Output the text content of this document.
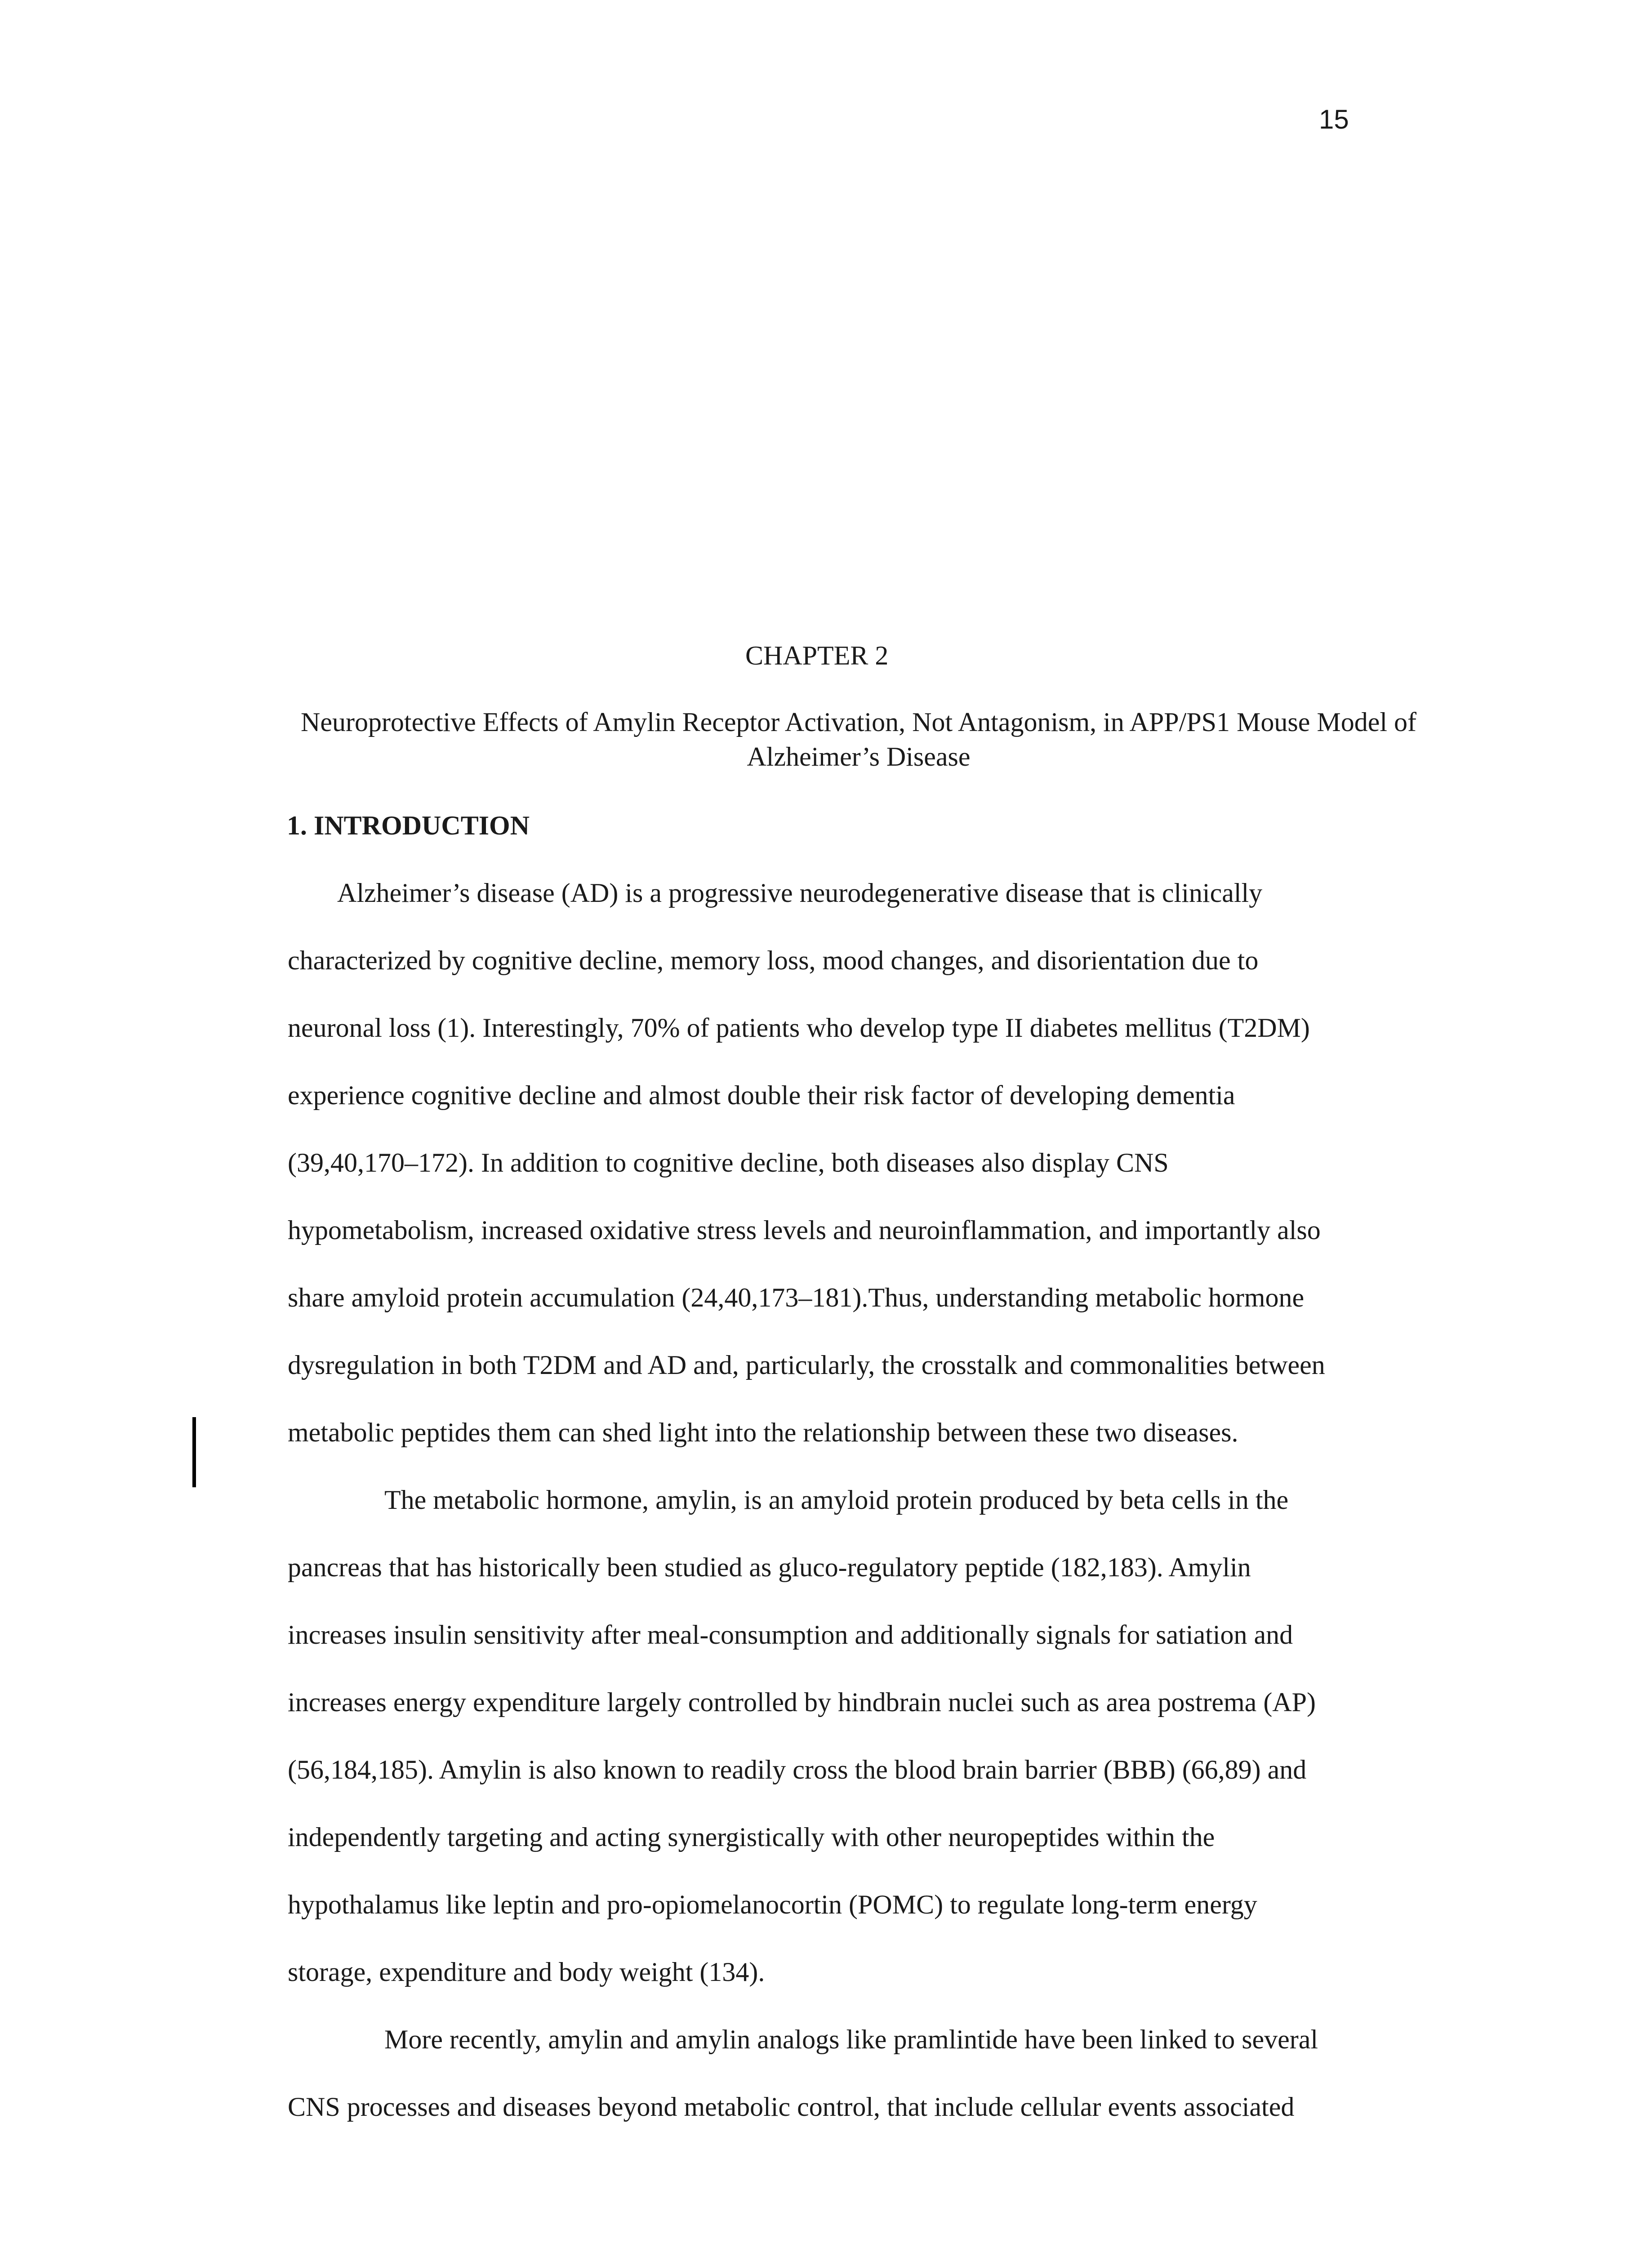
15
CHAPTER 2
Neuroprotective Effects of Amylin Receptor Activation, Not Antagonism, in APP/PS1 Mouse Model of Alzheimer’s Disease
1. INTRODUCTION
Alzheimer’s disease (AD) is a progressive neurodegenerative disease that is clinically
characterized by cognitive decline, memory loss, mood changes, and disorientation due to
neuronal loss (1). Interestingly, 70% of patients who develop type II diabetes mellitus (T2DM)
experience cognitive decline and almost double their risk factor of developing dementia
(39,40,170–172). In addition to cognitive decline, both diseases also display CNS
hypometabolism, increased oxidative stress levels and neuroinflammation, and importantly also
share amyloid protein accumulation (24,40,173–181).Thus, understanding metabolic hormone
dysregulation in both T2DM and AD and, particularly, the crosstalk and commonalities between
metabolic peptides them can shed light into the relationship between these two diseases.
The metabolic hormone, amylin, is an amyloid protein produced by beta cells in the
pancreas that has historically been studied as gluco-regulatory peptide (182,183). Amylin
increases insulin sensitivity after meal-consumption and additionally signals for satiation and
increases energy expenditure largely controlled by hindbrain nuclei such as area postrema (AP)
(56,184,185). Amylin is also known to readily cross the blood brain barrier (BBB) (66,89) and
independently targeting and acting synergistically with other neuropeptides within the
hypothalamus like leptin and pro-opiomelanocortin (POMC) to regulate long-term energy
storage, expenditure and body weight (134).
More recently, amylin and amylin analogs like pramlintide have been linked to several
CNS processes and diseases beyond metabolic control, that include cellular events associated
